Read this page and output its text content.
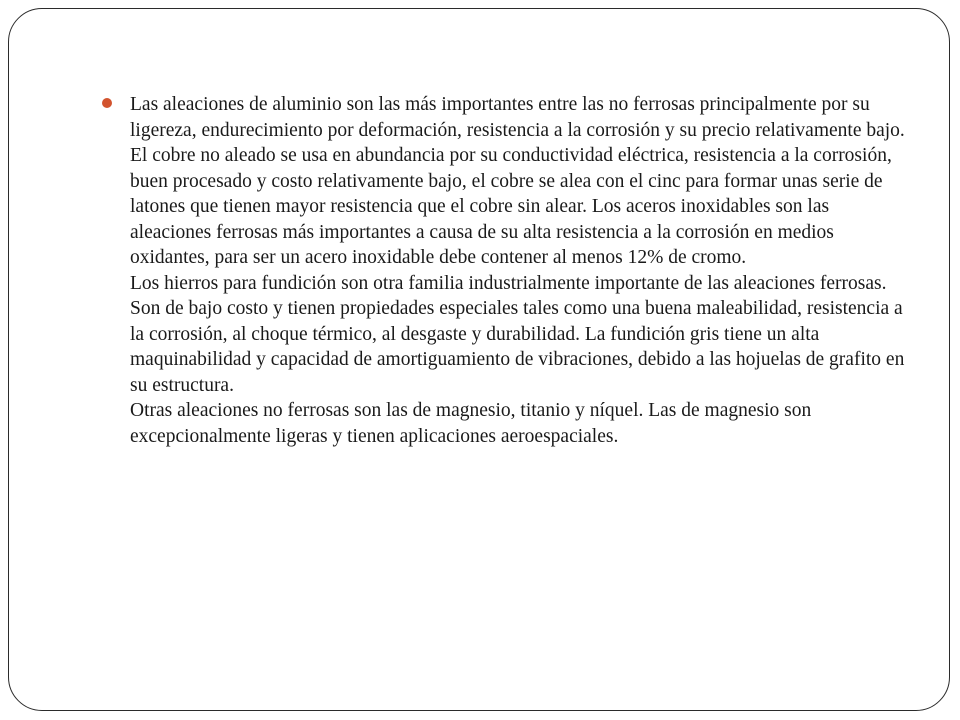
Las aleaciones de aluminio son las más importantes entre las no ferrosas principalmente por su ligereza, endurecimiento por deformación, resistencia a la corrosión y su precio relativamente bajo. El cobre no aleado se usa en abundancia por su conductividad eléctrica, resistencia a la corrosión, buen procesado y costo relativamente bajo, el cobre se alea con el cinc para formar unas serie de latones que tienen mayor resistencia que el cobre sin alear. Los aceros inoxidables son las aleaciones ferrosas más importantes a causa de su alta resistencia a la corrosión en medios oxidantes, para ser un acero inoxidable debe contener al menos 12% de cromo.

Los hierros para fundición son otra familia industrialmente importante de las aleaciones ferrosas. Son de bajo costo y tienen propiedades especiales tales como una buena maleabilidad, resistencia a la corrosión, al choque térmico, al desgaste y durabilidad. La fundición gris tiene un alta maquinabilidad y capacidad de amortiguamiento de vibraciones, debido a las hojuelas de grafito en su estructura.

Otras aleaciones no ferrosas son las de magnesio, titanio y níquel. Las de magnesio son excepcionalmente ligeras y tienen aplicaciones aeroespaciales.
